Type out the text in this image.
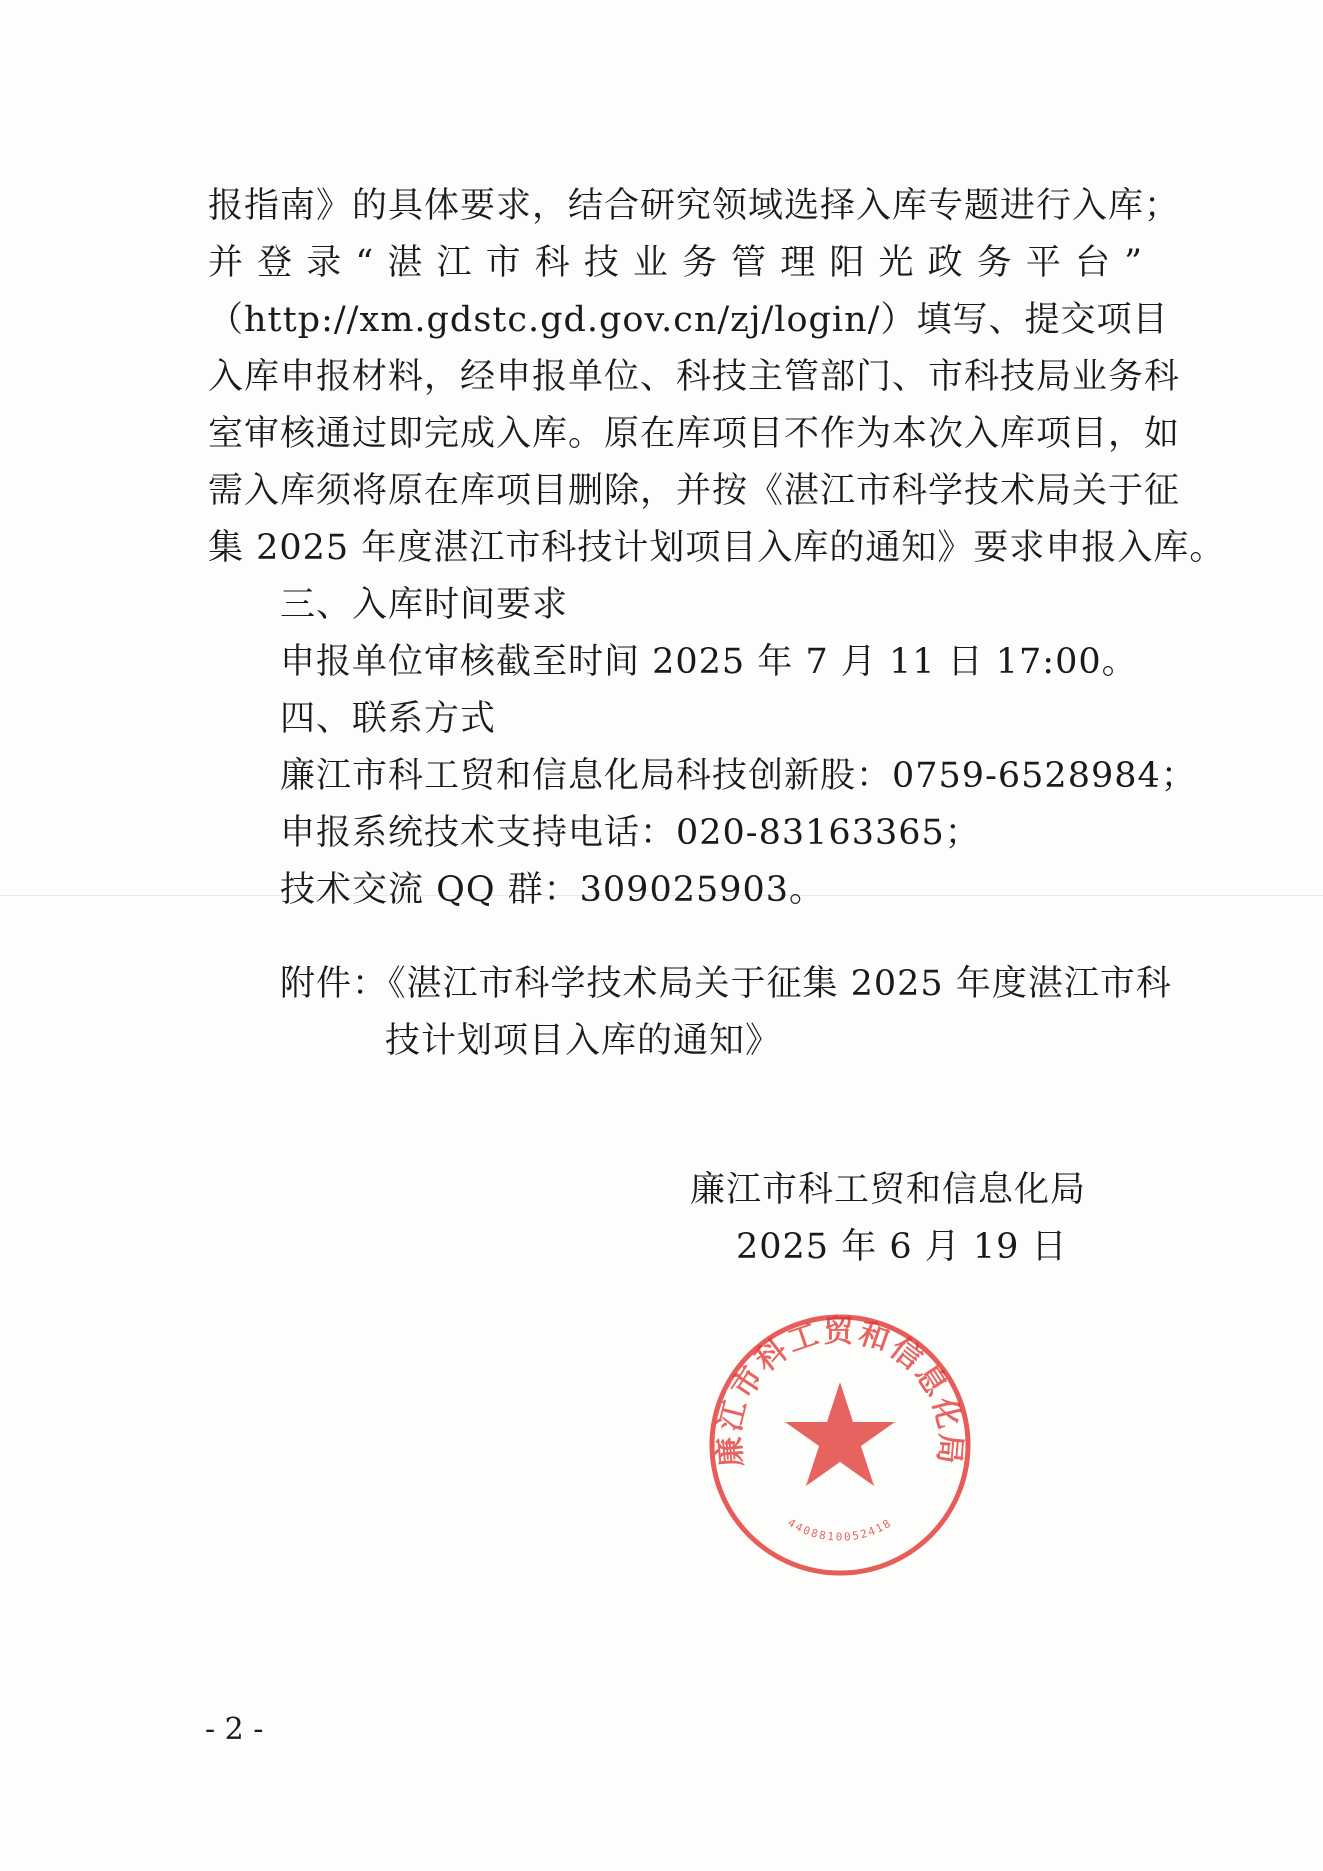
报指南》的具体要求，结合研究领域选择入库专题进行入库；
并登录“湛江市科技业务管理阳光政务平台”
（http://xm.gdstc.gd.gov.cn/zj/login/）填写、提交项目
入库申报材料，经申报单位、科技主管部门、市科技局业务科
室审核通过即完成入库。原在库项目不作为本次入库项目，如
需入库须将原在库项目删除，并按《湛江市科学技术局关于征
集 2025 年度湛江市科技计划项目入库的通知》要求申报入库。
三、入库时间要求
申报单位审核截至时间 2025 年 7 月 11 日 17:00。
四、联系方式
廉江市科工贸和信息化局科技创新股：0759-6528984；
申报系统技术支持电话：020-83163365；
技术交流 QQ 群：309025903。
附件：《湛江市科学技术局关于征集 2025 年度湛江市科
技计划项目入库的通知》
廉江市科工贸和信息化局
4408810052418
廉江市科工贸和信息化局
2025 年 6 月 19 日
- 2 -
